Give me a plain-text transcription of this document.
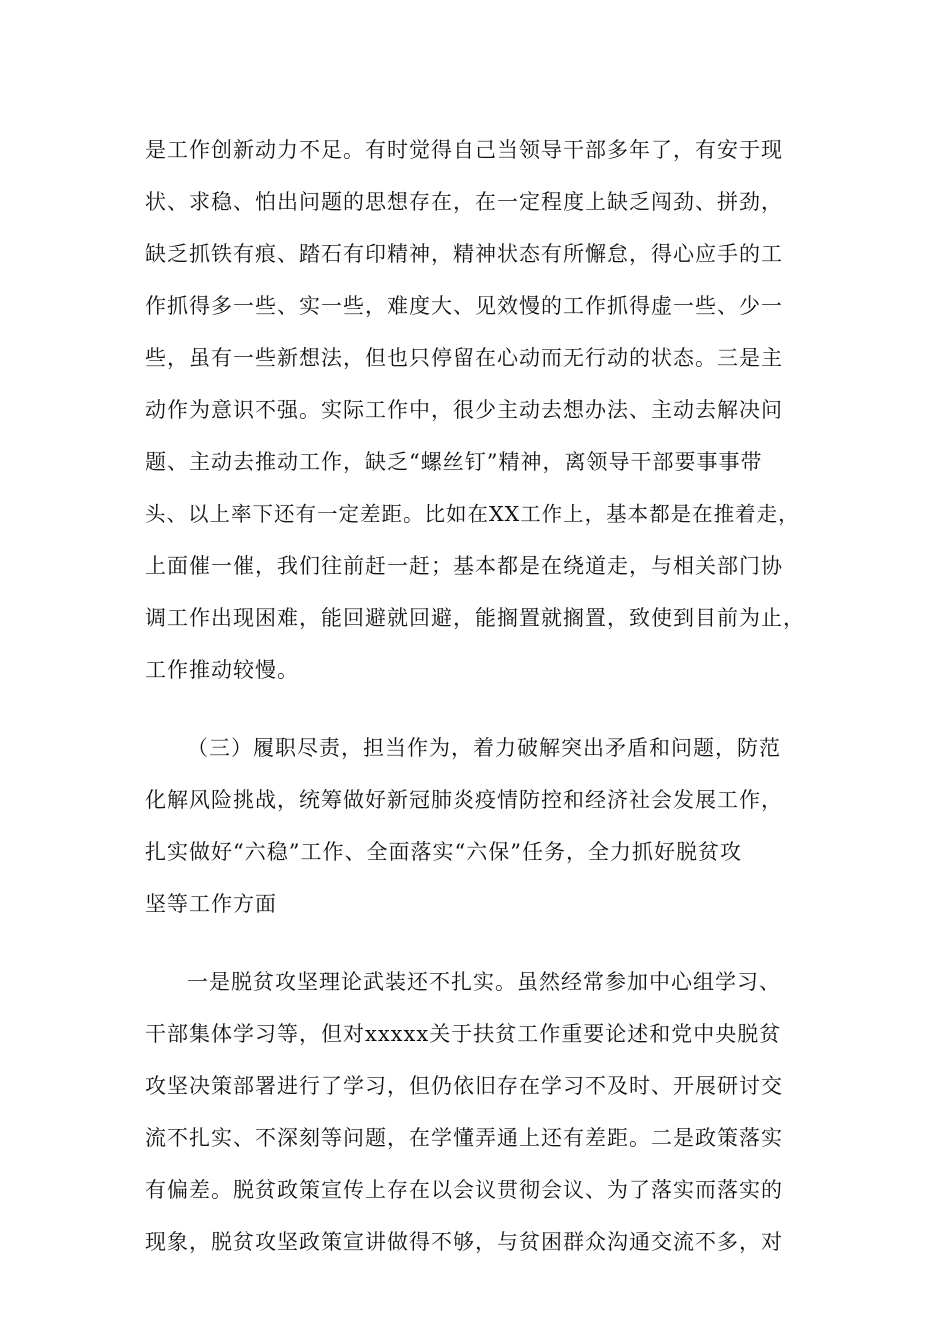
是工作创新动力不足。有时觉得自己当领导干部多年了，有安于现

状、求稳、怕出问题的思想存在，在一定程度上缺乏闯劲、拼劲，

缺乏抓铁有痕、踏石有印精神，精神状态有所懈怠，得心应手的工

作抓得多一些、实一些，难度大、见效慢的工作抓得虚一些、少一

些，虽有一些新想法，但也只停留在心动而无行动的状态。三是主

动作为意识不强。实际工作中，很少主动去想办法、主动去解决问

题、主动去推动工作，缺乏“螺丝钉”精神，离领导干部要事事带

头、以上率下还有一定差距。比如在XX工作上，基本都是在推着走，

上面催一催，我们往前赶一赶；基本都是在绕道走，与相关部门协

调工作出现困难，能回避就回避，能搁置就搁置，致使到目前为止，

工作推动较慢。

（三）履职尽责，担当作为，着力破解突出矛盾和问题，防范

化解风险挑战，统筹做好新冠肺炎疫情防控和经济社会发展工作，

扎实做好“六稳”工作、全面落实“六保”任务，全力抓好脱贫攻

坚等工作方面

一是脱贫攻坚理论武装还不扎实。虽然经常参加中心组学习、

干部集体学习等，但对xxxxx关于扶贫工作重要论述和党中央脱贫

攻坚决策部署进行了学习，但仍依旧存在学习不及时、开展研讨交

流不扎实、不深刻等问题，在学懂弄通上还有差距。二是政策落实

有偏差。脱贫政策宣传上存在以会议贯彻会议、为了落实而落实的

现象，脱贫攻坚政策宣讲做得不够，与贫困群众沟通交流不多，对
